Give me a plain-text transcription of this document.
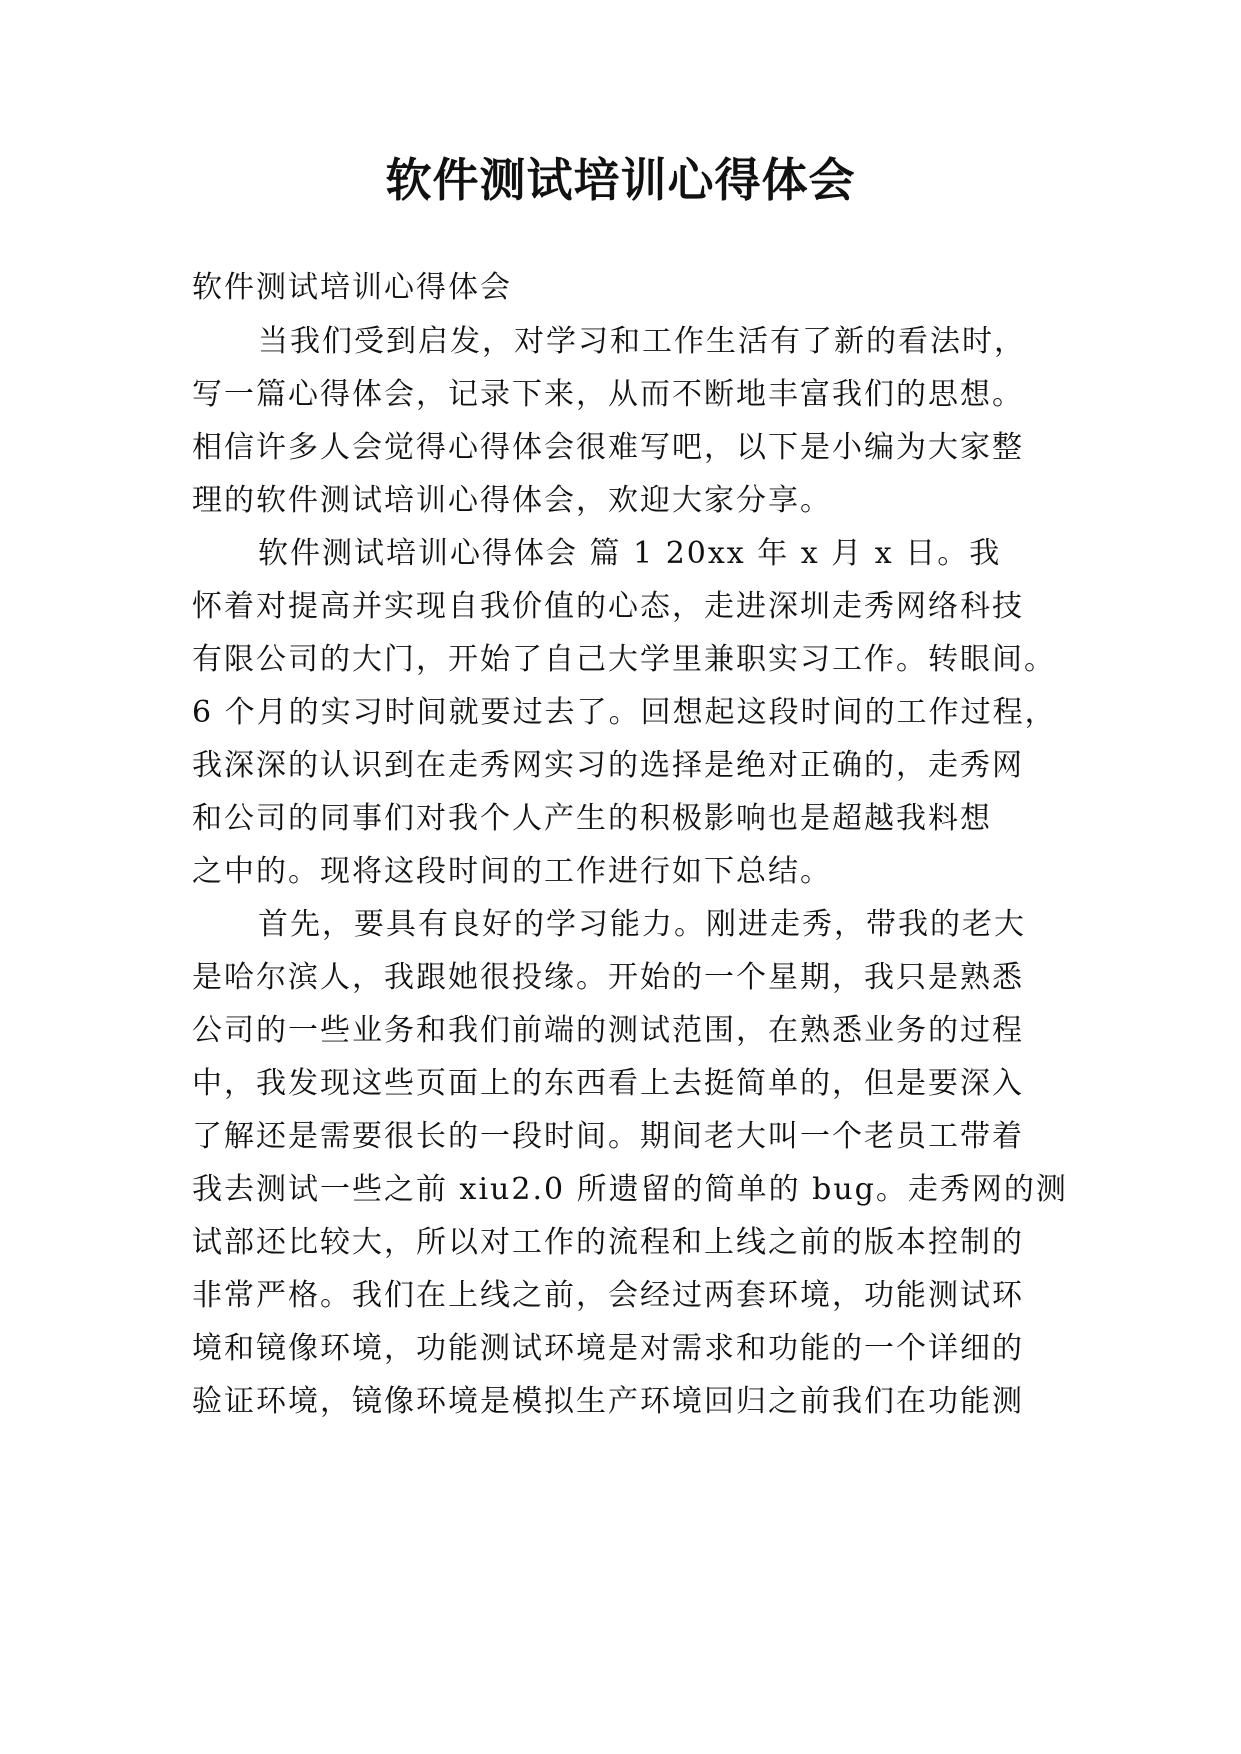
软件测试培训心得体会

软件测试培训心得体会

当我们受到启发，对学习和工作生活有了新的看法时，

写一篇心得体会，记录下来，从而不断地丰富我们的思想。

相信许多人会觉得心得体会很难写吧，以下是小编为大家整

理的软件测试培训心得体会，欢迎大家分享。

软件测试培训心得体会 篇 1 20xx 年 x 月 x 日。我

怀着对提高并实现自我价值的心态，走进深圳走秀网络科技

有限公司的大门，开始了自己大学里兼职实习工作。转眼间。

6 个月的实习时间就要过去了。回想起这段时间的工作过程，

我深深的认识到在走秀网实习的选择是绝对正确的，走秀网

和公司的同事们对我个人产生的积极影响也是超越我料想

之中的。现将这段时间的工作进行如下总结。

首先，要具有良好的学习能力。刚进走秀，带我的老大

是哈尔滨人，我跟她很投缘。开始的一个星期，我只是熟悉

公司的一些业务和我们前端的测试范围，在熟悉业务的过程

中，我发现这些页面上的东西看上去挺简单的，但是要深入

了解还是需要很长的一段时间。期间老大叫一个老员工带着

我去测试一些之前 xiu2.0 所遗留的简单的 bug。走秀网的测

试部还比较大，所以对工作的流程和上线之前的版本控制的

非常严格。我们在上线之前，会经过两套环境，功能测试环

境和镜像环境，功能测试环境是对需求和功能的一个详细的

验证环境，镜像环境是模拟生产环境回归之前我们在功能测
